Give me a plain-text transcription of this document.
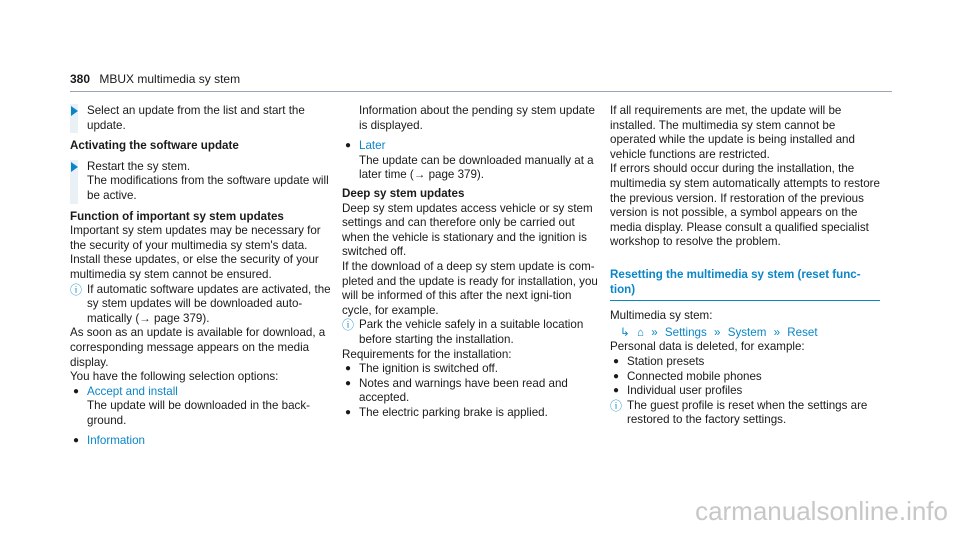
380 MBUX multimedia sy stem

Select an update from the list and start the update.

Activating the software update

Restart the sy stem.

The modifications from the software update will be active.

Function of important sy stem updates

Important sy stem updates may be necessary for the security of your multimedia sy stem's data. Install these updates, or else the security of your multimedia sy stem cannot be ensured.

ⓘ If automatic software updates are activated, the sy stem updates will be downloaded auto-matically (→ page 379).

As soon as an update is available for download, a corresponding message appears on the media display.

You have the following selection options:

● Accept and install

The update will be downloaded in the back-ground.

● Information

Information about the pending sy stem update is displayed.

● Later

The update can be downloaded manually at a later time (→ page 379).

Deep sy stem updates

Deep sy stem updates access vehicle or sy stem settings and can therefore only be carried out when the vehicle is stationary and the ignition is switched off.

If the download of a deep sy stem update is com-pleted and the update is ready for installation, you will be informed of this after the next igni-tion cycle, for example.

ⓘ Park the vehicle safely in a suitable location before starting the installation.

Requirements for the installation:

● The ignition is switched off.

● Notes and warnings have been read and accepted.

● The electric parking brake is applied.

If all requirements are met, the update will be installed. The multimedia sy stem cannot be operated while the update is being installed and vehicle functions are restricted.

If errors should occur during the installation, the multimedia sy stem automatically attempts to restore the previous version. If restoration of the previous version is not possible, a symbol appears on the media display. Please consult a qualified specialist workshop to resolve the problem.

Resetting the multimedia sy stem (reset func-tion)

Multimedia sy stem:

↳ ⌂ » Settings » System » Reset

Personal data is deleted, for example:

● Station presets

● Connected mobile phones

● Individual user profiles

ⓘ The guest profile is reset when the settings are restored to the factory settings.

carmanualsonline.info
